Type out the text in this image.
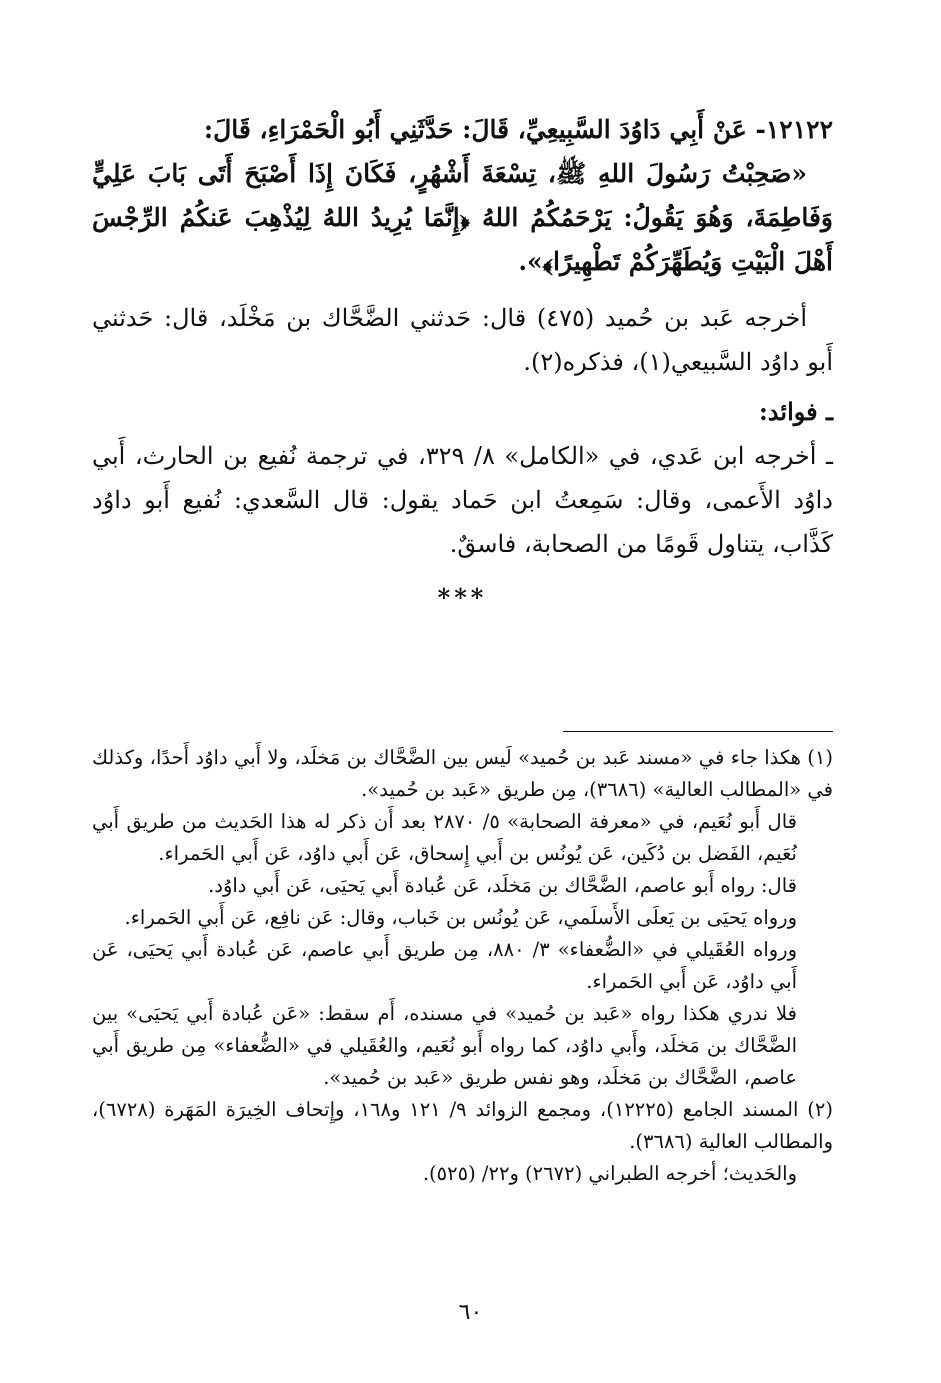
١٢١٢٢- عَنْ أَبِي دَاوُدَ السَّبِيعِيِّ، قَالَ: حَدَّثَنِي أَبُو الْحَمْرَاءِ، قَالَ:

«صَحِبْتُ رَسُولَ اللهِ ﷺ، تِسْعَةَ أَشْهُرٍ، فَكَانَ إِذَا أَصْبَحَ أَتَى بَابَ عَلِيٍّ وَفَاطِمَةَ، وَهُوَ يَقُولُ: يَرْحَمُكُمُ اللهُ ﴿إِنَّمَا يُرِيدُ اللهُ لِيُذْهِبَ عَنكُمُ الرِّجْسَ أَهْلَ الْبَيْتِ وَيُطَهِّرَكُمْ تَطْهِيرًا﴾».

أخرجه عَبد بن حُميد (٤٧٥) قال: حَدثني الضَّحَّاك بن مَخْلَد، قال: حَدثني أَبو داوُد السَّبيعي(١)، فذكره(٢).

ـ فوائد:

ـ أخرجه ابن عَدي، في «الكامل» ٨/ ٣٢٩، في ترجمة نُفيع بن الحارث، أَبي داوُد الأَعمى، وقال: سَمِعتُ ابن حَماد يقول: قال السَّعدي: نُفيع أَبو داوُد كَذَّاب، يتناول قَومًا من الصحابة، فاسقٌ.

***

(١) هكذا جاء في «مسند عَبد بن حُميد» لَيس بين الضَّحَّاك بن مَخلَد، ولا أَبي داوُد أَحدًا، وكذلك في «المطالب العالية» (٣٦٨٦)، مِن طريق «عَبد بن حُميد».

قال أَبو نُعَيم، في «معرفة الصحابة» ٥/ ٢٨٧٠ بعد أَن ذكر له هذا الحَديث من طريق أَبي نُعَيم، الفَضل بن دُكَين، عَن يُونُس بن أَبي إِسحاق، عَن أَبي داوُد، عَن أَبي الحَمراء.

قال: رواه أَبو عاصم، الضَّحَّاك بن مَخلَد، عَن عُبادة أَبي يَحيَى، عَن أَبي داوُد.

ورواه يَحيَى بن يَعلَى الأَسلَمي، عَن يُونُس بن خَباب، وقال: عَن نافِع، عَن أَبي الحَمراء.

ورواه العُقَيلي في «الضُّعفاء» ٣/ ٨٨٠، مِن طريق أَبي عاصم، عَن عُبادة أَبي يَحيَى، عَن أَبي داوُد، عَن أَبي الحَمراء.

فلا ندري هكذا رواه «عَبد بن حُميد» في مسنده، أَم سقط: «عَن عُبادة أَبي يَحيَى» بين الضَّحَّاك بن مَخلَد، وأَبي داوُد، كما رواه أَبو نُعَيم، والعُقَيلي في «الضُّعفاء» مِن طريق أَبي عاصم، الضَّحَّاك بن مَخلَد، وهو نفس طريق «عَبد بن حُميد».

(٢) المسند الجامع (١٢٢٢٥)، ومجمع الزوائد ٩/ ١٢١ و١٦٨، وإِتحاف الخِيرَة المَهَرة (٦٧٢٨)، والمطالب العالية (٣٦٨٦).

والحَديث؛ أخرجه الطبراني (٢٦٧٢) و٢٢/ (٥٢٥).

٦٠
